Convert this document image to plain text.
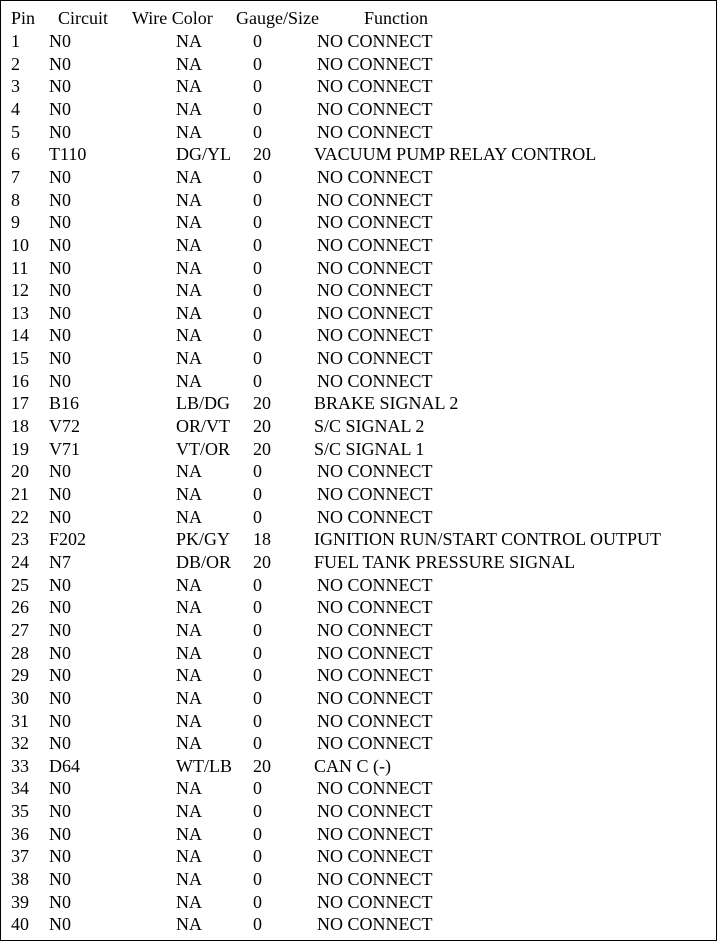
Pin Circuit Wire Color Gauge/Size	Function
1 N0	NA	0	NO CONNECT
2 N0	NA	0	NO CONNECT
3 N0	NA	0	NO CONNECT
4 N0	NA	0	NO CONNECT
5 N0	NA	0	NO CONNECT
6 T110	DG/YL 20 VACUUM PUMP RELAY CONTROL
7 N0	NA	0	NO CONNECT
8 N0	NA	0	NO CONNECT
9 N0	NA	0	NO CONNECT
10 N0	NA	0	NO CONNECT
11 N0	NA	0	NO CONNECT
12 N0	NA	0	NO CONNECT
13 N0	NA	0	NO CONNECT
14 N0	NA	0	NO CONNECT
15 N0	NA	0	NO CONNECT
16 N0	NA	0	NO CONNECT
17 B16	LB/DG 20 BRAKE SIGNAL 2
18 V72	OR/VT 20 S/C SIGNAL 2
19 V71	VT/OR 20 S/C SIGNAL 1
20 N0	NA	0	NO CONNECT
21 N0	NA	0	NO CONNECT
22 N0	NA	0	NO CONNECT
23 F202	PK/GY 18 IGNITION RUN/START CONTROL OUTPUT
24 N7	DB/OR 20 FUEL TANK PRESSURE SIGNAL
25 N0	NA	0	NO CONNECT
26 N0	NA	0	NO CONNECT
27 N0	NA	0	NO CONNECT
28 N0	NA	0	NO CONNECT
29 N0	NA	0	NO CONNECT
30 N0	NA	0	NO CONNECT
31 N0	NA	0	NO CONNECT
32 N0	NA	0	NO CONNECT
33 D64	WT/LB 20 CAN C (-)
34 N0	NA	0	NO CONNECT
35 N0	NA	0	NO CONNECT
36 N0	NA	0	NO CONNECT
37 N0	NA	0	NO CONNECT
38 N0	NA	0	NO CONNECT
39 N0	NA	0	NO CONNECT
40 N0	NA	0	NO CONNECT
